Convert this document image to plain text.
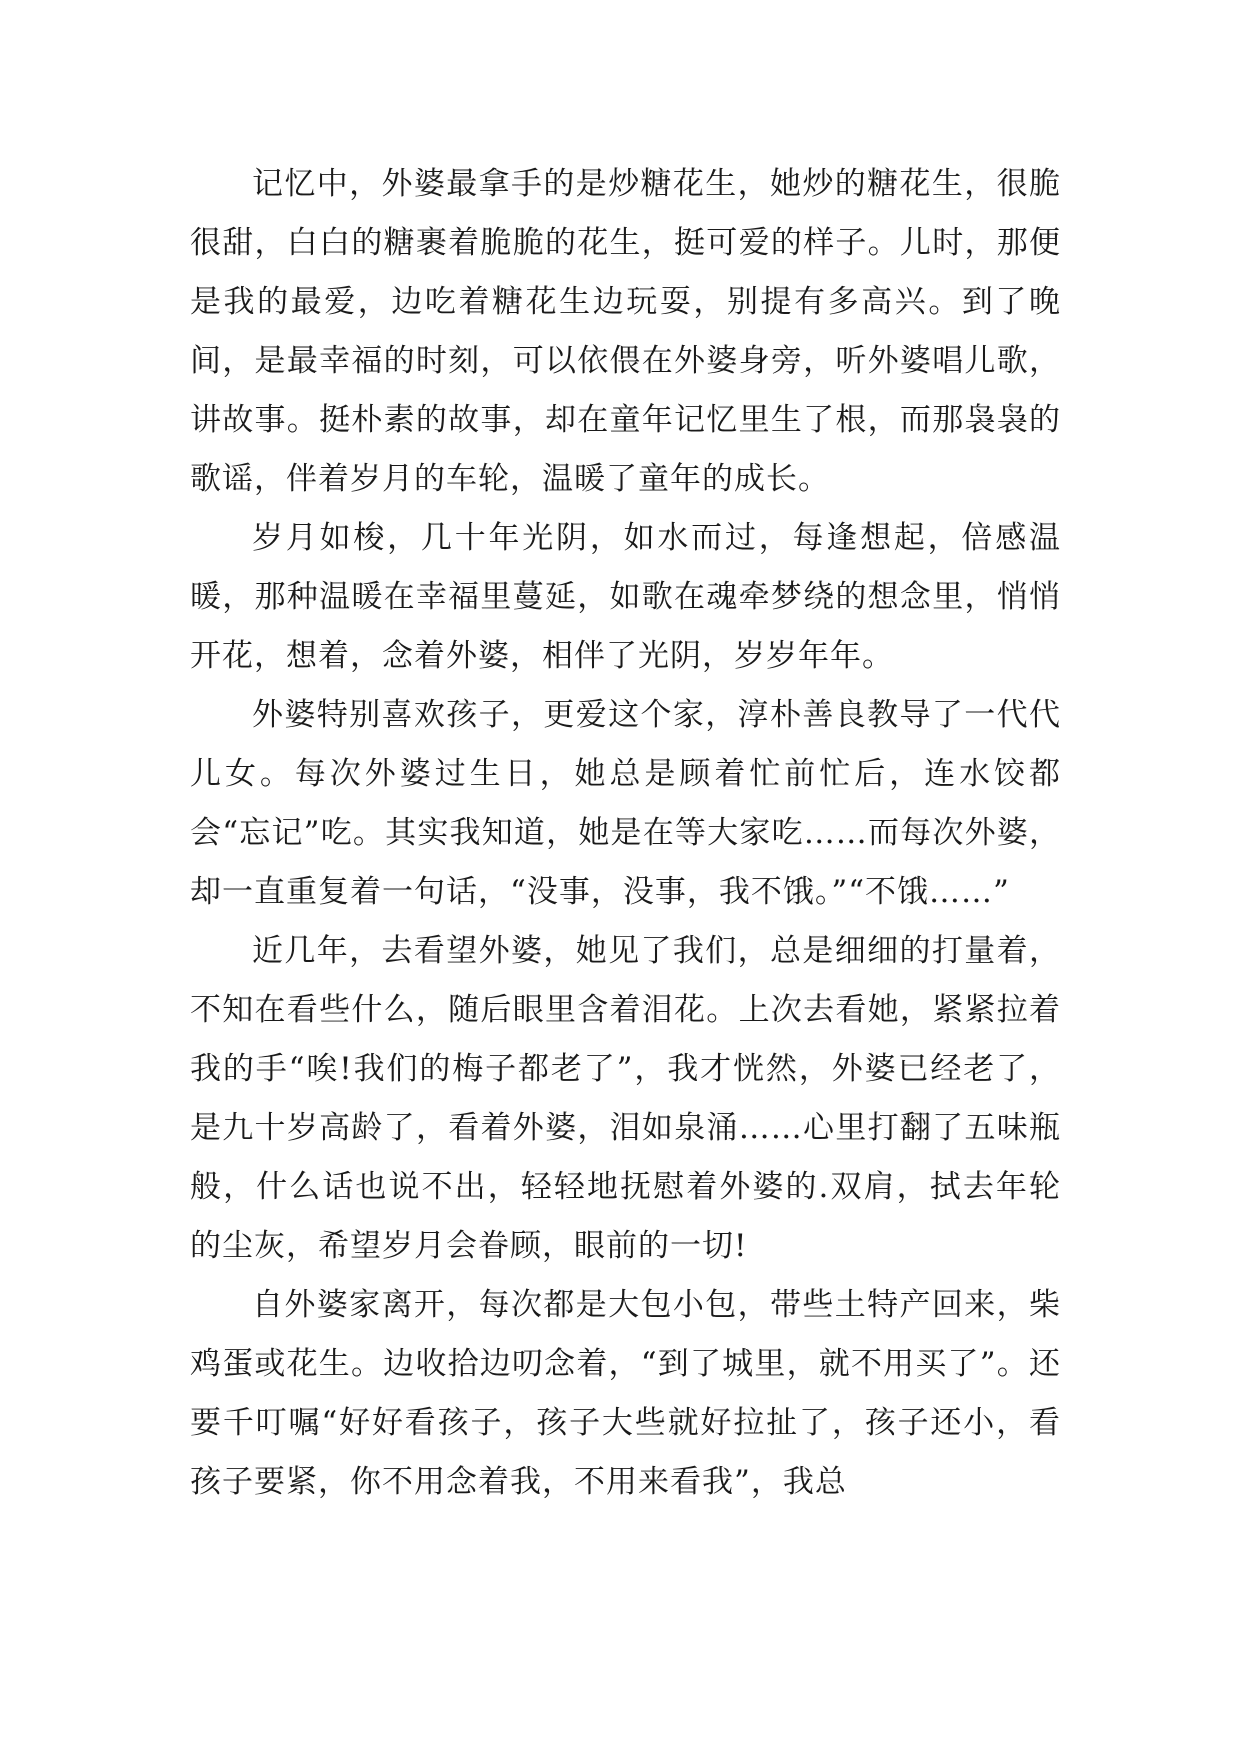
记忆中，外婆最拿手的是炒糖花生，她炒的糖花生，很脆很甜，白白的糖裹着脆脆的花生，挺可爱的样子。儿时，那便是我的最爱，边吃着糖花生边玩耍，别提有多高兴。到了晚间，是最幸福的时刻，可以依偎在外婆身旁，听外婆唱儿歌，讲故事。挺朴素的故事，却在童年记忆里生了根，而那袅袅的歌谣，伴着岁月的车轮，温暖了童年的成长。

岁月如梭，几十年光阴，如水而过，每逢想起，倍感温暖，那种温暖在幸福里蔓延，如歌在魂牵梦绕的想念里，悄悄开花，想着，念着外婆，相伴了光阴，岁岁年年。

外婆特别喜欢孩子，更爱这个家，淳朴善良教导了一代代儿女。每次外婆过生日，她总是顾着忙前忙后，连水饺都会“忘记”吃。其实我知道，她是在等大家吃……而每次外婆，却一直重复着一句话，“没事，没事，我不饿。”“不饿……”

近几年，去看望外婆，她见了我们，总是细细的打量着，不知在看些什么，随后眼里含着泪花。上次去看她，紧紧拉着我的手“唉!我们的梅子都老了”，我才恍然，外婆已经老了，是九十岁高龄了，看着外婆，泪如泉涌……心里打翻了五味瓶般，什么话也说不出，轻轻地抚慰着外婆的.双肩，拭去年轮的尘灰，希望岁月会眷顾，眼前的一切!

自外婆家离开，每次都是大包小包，带些土特产回来，柴鸡蛋或花生。边收拾边叨念着，“到了城里，就不用买了”。还要千叮嘱“好好看孩子，孩子大些就好拉扯了，孩子还小，看孩子要紧，你不用念着我，不用来看我”，我总
